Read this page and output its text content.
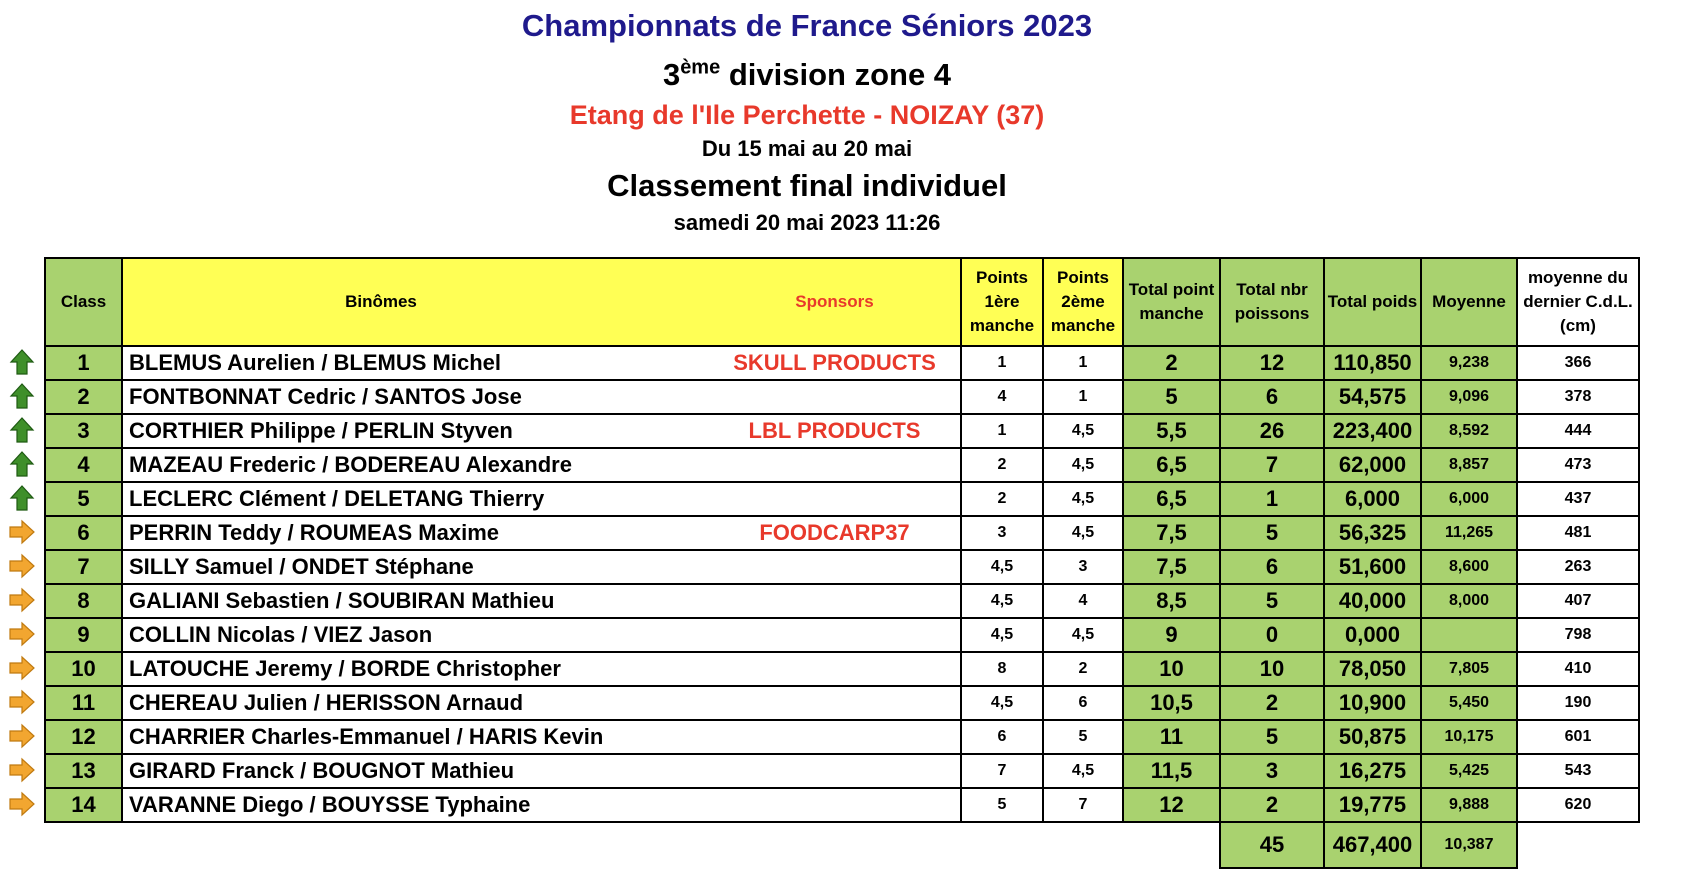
Championnats de France Séniors 2023
3ème division zone 4
Etang de l'Ile Perchette - NOIZAY (37)
Du 15 mai au 20 mai
Classement final individuel
samedi 20 mai 2023 11:26
Class	Binômes Sponsors	Points 1ère manche	Points 2ème manche	Total point manche	Total nbr poissons	Total poids	Moyenne	moyenne du dernier C.d.L. (cm)
1	BLEMUS Aurelien / BLEMUS Michel SKULL PRODUCTS	1	1	2	12	110,850	9,238	366
2	FONTBONNAT Cedric / SANTOS Jose	4	1	5	6	54,575	9,096	378
3	CORTHIER Philippe / PERLIN Styven LBL PRODUCTS	1	4,5	5,5	26	223,400	8,592	444
4	MAZEAU Frederic / BODEREAU Alexandre	2	4,5	6,5	7	62,000	8,857	473
5	LECLERC Clément / DELETANG Thierry	2	4,5	6,5	1	6,000	6,000	437
6	PERRIN Teddy / ROUMEAS Maxime FOODCARP37	3	4,5	7,5	5	56,325	11,265	481
7	SILLY Samuel / ONDET Stéphane	4,5	3	7,5	6	51,600	8,600	263
8	GALIANI Sebastien / SOUBIRAN Mathieu	4,5	4	8,5	5	40,000	8,000	407
9	COLLIN Nicolas / VIEZ Jason	4,5	4,5	9	0	0,000		798
10	LATOUCHE Jeremy / BORDE Christopher	8	2	10	10	78,050	7,805	410
11	CHEREAU Julien / HERISSON Arnaud	4,5	6	10,5	2	10,900	5,450	190
12	CHARRIER Charles-Emmanuel / HARIS Kevin	6	5	11	5	50,875	10,175	601
13	GIRARD Franck / BOUGNOT Mathieu	7	4,5	11,5	3	16,275	5,425	543
14	VARANNE Diego / BOUYSSE Typhaine	5	7	12	2	19,775	9,888	620
					45	467,400	10,387	
